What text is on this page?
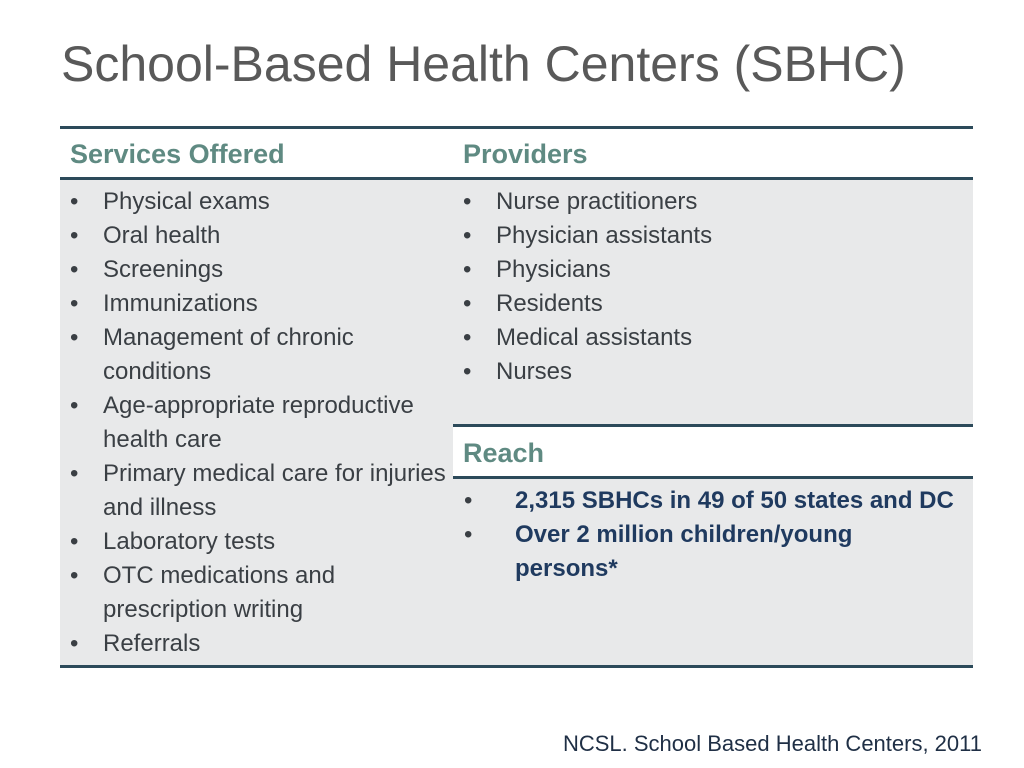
School-Based Health Centers (SBHC)
Services Offered	Providers
Reach
• Physical exams
• Oral health
• Screenings
• Immunizations
• Management of chronic conditions
• Age-appropriate reproductive health care
• Primary medical care for injuries and illness
• Laboratory tests
• OTC medications and prescription writing
• Referrals
• Nurse practitioners
• Physician assistants
• Physicians
• Residents
• Medical assistants
• Nurses
• 2,315 SBHCs in 49 of 50 states and DC
• Over 2 million children/young persons*
NCSL. School Based Health Centers, 2011
